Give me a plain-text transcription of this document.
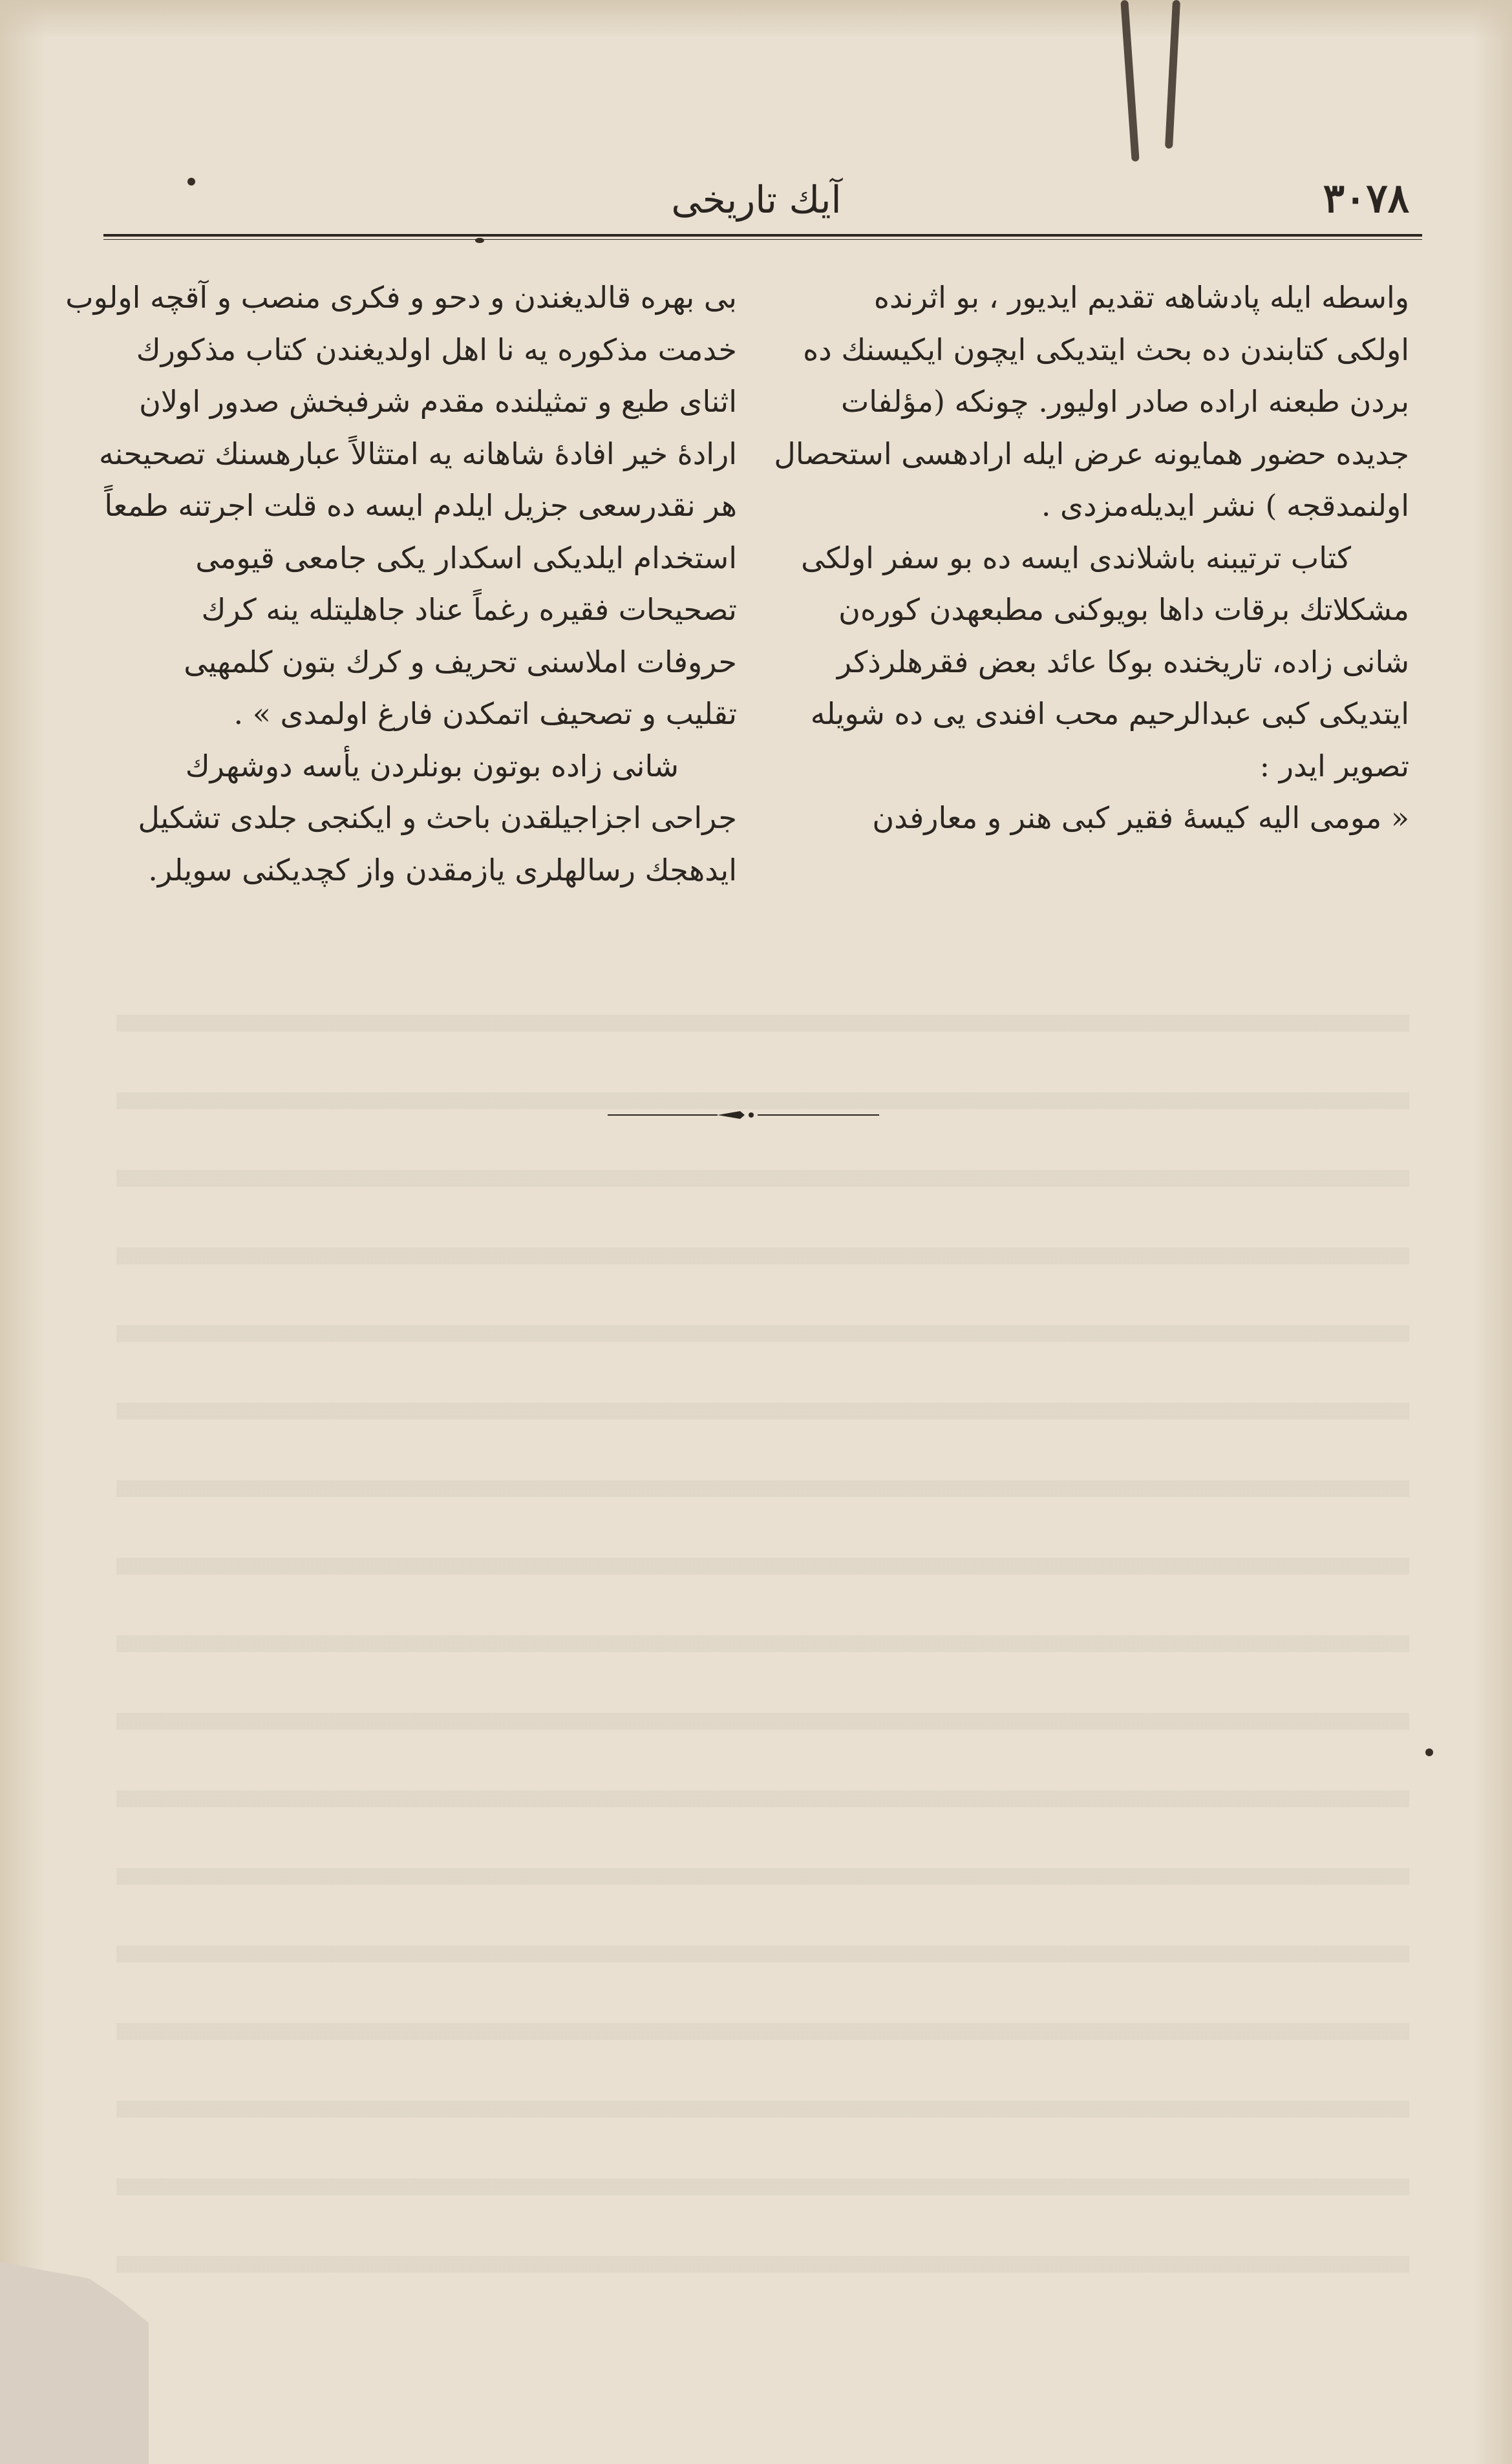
٣٠٧٨
آيك تاريخى

واسطه ايله پادشاهه تقديم ايديور ، بو اثرنده

اولكى كتابندن ده بحث ايتديكى ايچون ايكيسنك ده

بردن طبعنه اراده صادر اوليور. چونكه (مؤلفات

جديده حضور همايونه عرض ايله ارادهسى استحصال

اولنمدقجه ) نشر ايديلەمزدى .

كتاب ترتيبنه باشلاندى ايسه ده بو سفر اولكى

مشكلاتك برقات داها بويوكنى مطبعهدن كورەن

شانى زاده، تاريخنده بوكا عائد بعض فقرهلرذكر

ايتديكى كبى عبدالرحيم محب افندى يى ده شويله

تصوير ايدر :

« مومى اليه كيسهٔ فقير كبى هنر و معارفدن

بى بهره قالديغندن و دحو و فكرى منصب و آقچه اولوب

خدمت مذكوره يه نا اهل اولديغندن كتاب مذكورك

اثناى طبع و تمثيلنده مقدم شرفبخش صدور اولان

ارادهٔ خير افادهٔ شاهانه يه امتثالاً عبارهسنك تصحيحنه

هر نقدرسعى جزيل ايلدم ايسه ده قلت اجرتنه طمعاً

استخدام ايلديكى اسكدار يكى جامعى قيومى

تصحيحات فقيره رغماً عناد جاهليتله ينه كرك

حروفات املاسنى تحريف و كرك بتون كلمهيى

تقليب و تصحيف اتمكدن فارغ اولمدى » .

شانى زاده بوتون بونلردن يأسه دوشهرك

جراحى اجزاجيلقدن باحث و ايكنجى جلدى تشكيل

ايدهجك رسالهلرى يازمقدن واز كچديكنى سويلر.
